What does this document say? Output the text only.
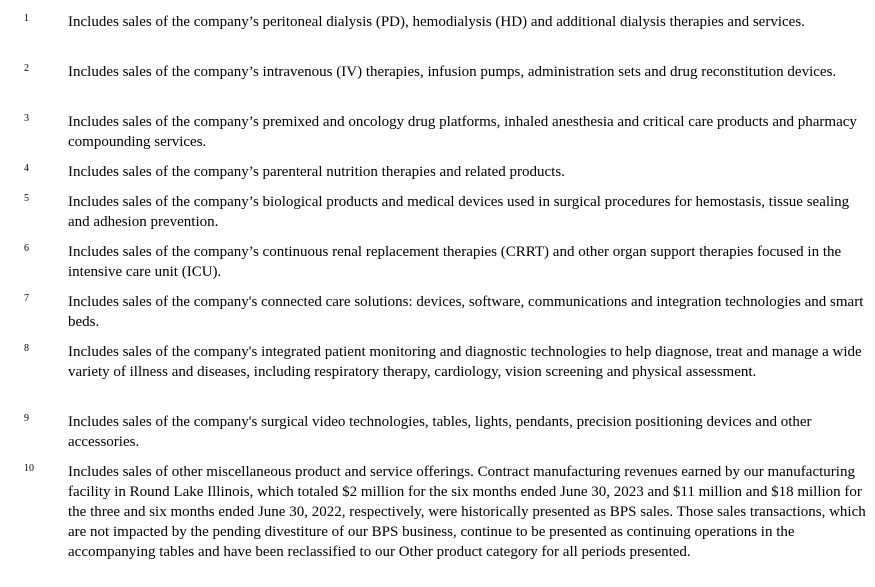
1	Includes sales of the company’s peritoneal dialysis (PD), hemodialysis (HD) and additional dialysis therapies and services.
2	Includes sales of the company’s intravenous (IV) therapies, infusion pumps, administration sets and drug reconstitution devices.
3	Includes sales of the company’s premixed and oncology drug platforms, inhaled anesthesia and critical care products and pharmacy compounding services.
4	Includes sales of the company’s parenteral nutrition therapies and related products.
5	Includes sales of the company’s biological products and medical devices used in surgical procedures for hemostasis, tissue sealing and adhesion prevention.
6	Includes sales of the company’s continuous renal replacement therapies (CRRT) and other organ support therapies focused in the intensive care unit (ICU).
7	Includes sales of the company's connected care solutions: devices, software, communications and integration technologies and smart beds.
8	Includes sales of the company's integrated patient monitoring and diagnostic technologies to help diagnose, treat and manage a wide variety of illness and diseases, including respiratory therapy, cardiology, vision screening and physical assessment.
9	Includes sales of the company's surgical video technologies, tables, lights, pendants, precision positioning devices and other accessories.
10 Includes sales of other miscellaneous product and service offerings. Contract manufacturing revenues earned by our manufacturing facility in Round Lake Illinois, which totaled $2 million for the six months ended June 30, 2023 and $11 million and $18 million for the three and six months ended June 30, 2022, respectively, were historically presented as BPS sales. Those sales transactions, which are not impacted by the pending divestiture of our BPS business, continue to be presented as continuing operations in the accompanying tables and have been reclassified to our Other product category for all periods presented.
